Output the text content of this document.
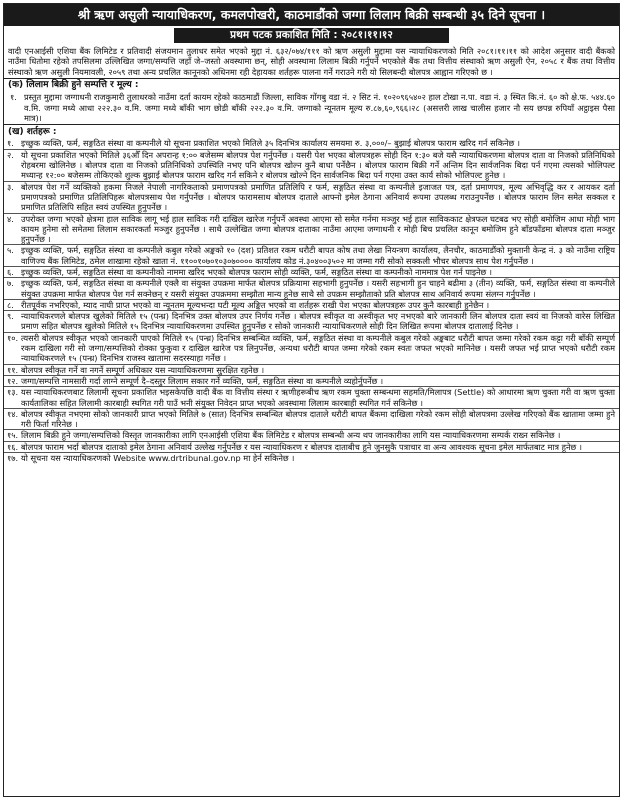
श्री ऋण असुली न्यायाधिकरण, कमलपोखरी, काठमाडौंको जग्गा लिलाम बिक्री सम्बन्धी ३५ दिने सूचना ।
प्रथम पटक प्रकाशित मिति : २०८१।११।१२
वादी एनआईसी एशिया बैंक लिमिटेड र प्रतिवादी संजयमान तुलाधर समेत भएको मुद्दा नं. ६३२/०७४/१११ को ऋण असुली मुद्दामा यस न्यायाधिकरणको मिति २०८१।११।११ को आदेश अनुसार वादी बैंकको नाउँमा धितोमा रहेको तपसिलमा उल्लिखित जग्गा/सम्पत्ति जहाँ जे–जस्तो अवस्थामा छन्, सोही अवस्थामा लिलाम बिक्री गर्नुपर्ने भएकोले बैंक तथा वित्तीय संस्थाको ऋण असुली ऐन, २०५८ र बैंक तथा वित्तीय संस्थाको ऋण असुली नियमावली, २०५९ तथा अन्य प्रचलित कानूनको अधिनमा रही देहायका शर्तहरू पालना गर्ने गराउने गरी यो सिलबन्दी बोलपत्र आह्वान गरिएको छ ।
(क) लिलाम बिक्री हुने सम्पत्ति र मूल्य :
१. प्रस्तुत मुद्दामा जग्गाधनी राजकुमारी तुलाधरको नाउँमा दर्ता कायम रहेको काठमाडौं जिल्ला, साविक गोंगबु वडा नं. २ सिट नं. १०२०९६५४०२ हाल टोखा न.पा. वडा नं. ३ स्थित कि.नं. ६० को क्षे.फ. ५४४.६० व.मि. जग्गा मध्ये आधा २२२.३० व.मि. जग्गा मध्ये बाँकी भाग छोडी बाँकी २२२.३० व.मि. जग्गाको न्यूनतम मूल्य रु.८७,६०,९६६।२८ (असत्तरी लाख चालीस हजार नौ सय छपन्न रुपियाँ अट्ठाइस पैसा मात्र)।
(ख) शर्तहरू :
१. इच्छुक व्यक्ति, फर्म, सङ्गठित संस्था वा कम्पनीले यो सूचना प्रकाशित भएको मितिले ३५ दिनभित्र कार्यालय समयमा रु. ३,०००/– बुझाई बोलपत्र फाराम खरिद गर्न सकिनेछ ।
२. यो सूचना प्रकाशित भएको मितिले ३६औँ दिन अपरान्ह १:०० बजेसम्म बोलपत्र पेश गर्नुपर्नेछ । यसरी पेश भएका बोलपत्रहरू सोही दिन १:३० बजे यसै न्यायाधिकरणमा बोलपत्र दाता वा निजको प्रतिनिधिको रोहबरमा खोलिनेछ । बोलपत्र दाता वा निजको प्रतिनिधिको उपस्थिति नभए पनि बोलपत्र खोल्न कुनै बाधा पर्नेछैन । बोलपत्र फाराम बिक्री गर्ने अन्तिम दिन सार्वजनिक बिदा पर्न गएमा त्यसको भोलिपल्ट मध्यान्ह १२:०० बजेसम्म तोकिएको शुल्क बुझाई बोलपत्र फाराम खरिद गर्न सकिने र बोलपत्र खोल्ने दिन सार्वजनिक बिदा पर्न गएमा उक्त कार्य सोको भोलिपल्ट हुनेछ ।
३. बोलपत्र पेश गर्ने व्यक्तिको हकमा निजले नेपाली नागरिकताको प्रमाणपत्रको प्रमाणित प्रतिलिपि र फर्म, सङ्गठित संस्था वा कम्पनीले इजाजत पत्र, दर्ता प्रमाणपत्र, मूल्य अभिवृद्धि कर र आयकर दर्ता प्रमाणपत्रको प्रमाणित प्रतिलिपिहरू बोलपत्रसाथ पेश गर्नुपर्नेछ । बोलपत्र फारामसाथ बोलपत्र दाताले आफ्नो इमेल ठेगाना अनिवार्य रूपमा उपलब्ध गराउनुपर्नेछ । बोलपत्र फाराम लिन समेत सक्कल र प्रमाणित प्रतिलिपि सहित स्वयं उपस्थित हुनुपर्नेछ ।
४. उपरोक्त जग्गा भएको क्षेत्रमा हाल साविक लागू भई हाल साविक गरी दाखिल खारेज गर्नुपर्ने अवस्था आएमा सो समेत गर्नमा मञ्जुर भई हाल साविककाट क्षेत्रफल घटबढ भए सोही बमोजिम आधा मोही भाग कायम हुनेमा सो समेतमा लिलाम सकारकर्ता मञ्जुर हुनुपर्नेछ । साथै उल्लेखित जग्गा बोलपत्र दाताका नाउँमा आएमा जग्गाधनी र मोही बिच प्रचलित कानून बमोजिम हुने बाँडफाँडमा बोलपत्र दाता मञ्जुर हुनुपर्नेछ ।
५. इच्छुक व्यक्ति, फर्म, सङ्गठित संस्था वा कम्पनीले कबुल गरेको अङ्कको १० (दश) प्रतिशत रकम धरौटी बापत कोष तथा लेखा नियन्त्रण कार्यालय, लैनचौर, काठमाडौंको मुक्तानी केन्द्र नं. ३ को नाउँमा राष्ट्रिय वाणिज्य बैंक लिमिटेड, ठमेल शाखामा रहेको खाता नं. ११००१०७०१०३०७०००० कार्यालय कोड नं.३०४००३५०२ मा जम्मा गरी सोको सक्कली भौचर बोलपत्र साथ पेश गर्नुपर्नेछ ।
६. इच्छुक व्यक्ति, फर्म, सङ्गठित संस्था वा कम्पनीको नाममा खरिद भएको बोलपत्र फाराम सोही व्यक्ति, फर्म, सङ्गठित संस्था वा कम्पनीको नाममात्र पेश गर्न पाइनेछ ।
७. इच्छुक व्यक्ति, फर्म, सङ्गठित संस्था वा कम्पनीले एक्लै वा संयुक्त उपक्रमा मार्फत बोलपत्र प्रक्रियामा सहभागी हुनुपर्नेछ । यसरी सहभागी हुन चाहने बढीमा ३ (तीन) व्यक्ति, फर्म, सङ्गठित संस्था वा कम्पनीले संयुक्त उपक्रमा मार्फत बोलपत्र पेश गर्न सक्नेछन् र यसरी संयुक्त उपक्रममा सम्झौता मान्य हुनेछ साथै सो उपक्रम सम्झौताको प्रति बोलपत्र साथ अनिवार्य रूपमा संलग्न गर्नुपर्नेछ ।
८. रीतपूर्वक नभरिएको, म्याद नाघी प्राप्त भएको वा न्यूनतम मूल्यभन्दा घटी मूल्य अङ्कित भएको वा शर्तहरू राखी पेश भएका बोलपत्रहरू उपर कुनै कारबाही हुनेछैन ।
९. न्यायाधिकरणले बोलपत्र खुलेको मितिले १५ (पन्ध्र) दिनभित्र उक्त बोलपत्र उपर निर्णय गर्नेछ । बोलपत्र स्वीकृत वा अस्वीकृत भए नभएको बारे जानकारी लिन बोलपत्र दाता स्वयं वा निजको वारेस लिखित प्रमाण सहित बोलपत्र खुलेको मितिले १५ दिनभित्र न्यायाधिकरणमा उपस्थित हुनुपर्नेछ र सोको जानकारी न्यायाधिकरणले सोही दिन लिखित रूपमा बोलपत्र दातालाई दिनेछ ।
१०. त्यसरी बोलपत्र स्वीकृत भएको जानकारी पाएको मितिले १५ (पन्ध्र) दिनभित्र सम्बन्धित व्यक्ति, फर्म, सङ्गठित संस्था वा कम्पनीले कबुल गरेको अङ्कबाट धरौटी बापत जम्मा गरेको रकम कट्टा गरी बाँकी सम्पूर्ण रकम दाखिला गरी सो जग्गा/सम्पत्तिको रोक्का फुकुवा र दाखिल खारेज पत्र लिनुपर्नेछ, अन्यथा धरौटी बापत जम्मा गरेको रकम स्वतः जफत भएको मानिनेछ । यसरी जफत भई प्राप्त भएको धरौटी रकम न्यायाधिकरणले १५ (पन्ध्र) दिनभित्र राजस्व खातामा सदरस्याहा गर्नेछ ।
११. बोलपत्र स्वीकृत गर्ने वा नगर्ने सम्पूर्ण अधिकार यस न्यायाधिकरणमा सुरक्षित रहनेछ ।
१२. जग्गा/सम्पत्ति नामसारी गर्दा लाग्ने सम्पूर्ण दै–दस्तुर लिलाम सकार गर्ने व्यक्ति, फर्म, सङ्गठित संस्था वा कम्पनीले व्यहोर्नुपर्नेछ ।
१३. यस न्यायाधिकरणबाट लिलामी सूचना प्रकाशित भइसकेपछि वादी बैंक वा वित्तीय संस्था र ऋणीहरूबीच ऋण रकम चुक्ता सम्बन्धमा सहमति/मिलापत्र (Settle) को आधारमा ऋण चुक्ता गरी वा ऋण चुक्ता कार्यतालिका सहित लिलामी कारबाही स्थगित गरी पाउँ भनी संयुक्त निवेदन प्राप्त भएको अवस्थामा लिलाम कारबाही स्थगित गर्न सकिनेछ ।
१४. बोलपत्र स्वीकृत नभएमा सोको जानकारी प्राप्त भएको मितिले ७ (सात) दिनभित्र सम्बन्धित बोलपत्र दाताले धरौटी बापत बैंकमा दाखिला गरेको रकम सोही बोलपत्रमा उल्लेख गरिएको बैंक खातामा जम्मा हुने गरी फिर्ता गरिनेछ ।
१५. लिलाम बिक्री हुने जग्गा/सम्पत्तिको विस्तृत जानकारीका लागि एनआईसी एशिया बैंक लिमिटेड र बोलपत्र सम्बन्धी अन्य थप जानकारीका लागि यस न्यायाधिकरणमा सम्पर्क राख्न सकिनेछ ।
१६. बोलपत्र फाराम भर्दा बोलपत्र दाताको इमेल ठेगाना अनिवार्य उल्लेख गर्नुपर्नेछ र यस न्यायाधिकरण र बोलपत्र दाताबीच हुने जुनसुकै पत्राचार वा अन्य आवश्यक सूचना इमेल मार्फतबाट मात्र हुनेछ ।
१७. यो सूचना यस न्यायाधिकरणको Website www.drtribunal.gov.np मा हेर्न सकिनेछ ।
